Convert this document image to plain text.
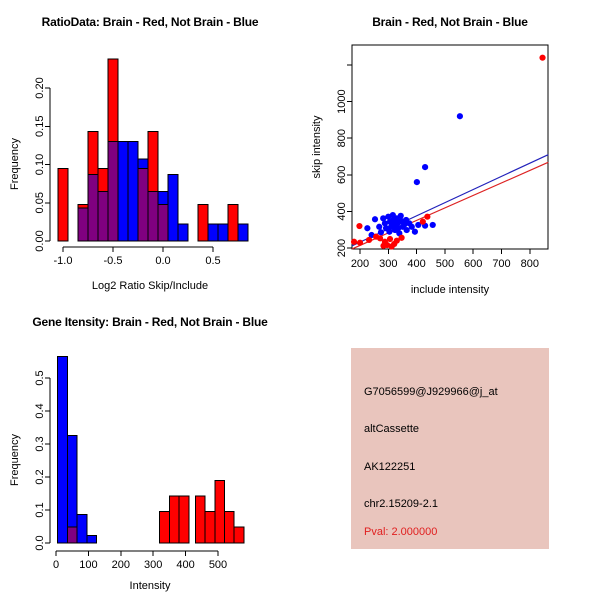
RatioData: Brain - Red, Not Brain - Blue
-1.0	-0.5	0.0	0.5
0.00
0.05
0.10
0.15
0.20
Log2 Ratio Skip/Include
Frequency
Brain - Red, Not Brain - Blue
200 300 400 500 600 700 800
200
400
600
800
1000
include intensity
skip intensity
Gene Itensity: Brain - Red, Not Brain - Blue
0 100 200 300 400 500
0.0
0.1
0.2
0.3
0.4
0.5
Intensity
Frequency
G7056599@J929966@j_at
altCassette
AK122251
chr2.15209-2.1
Pval: 2.000000
